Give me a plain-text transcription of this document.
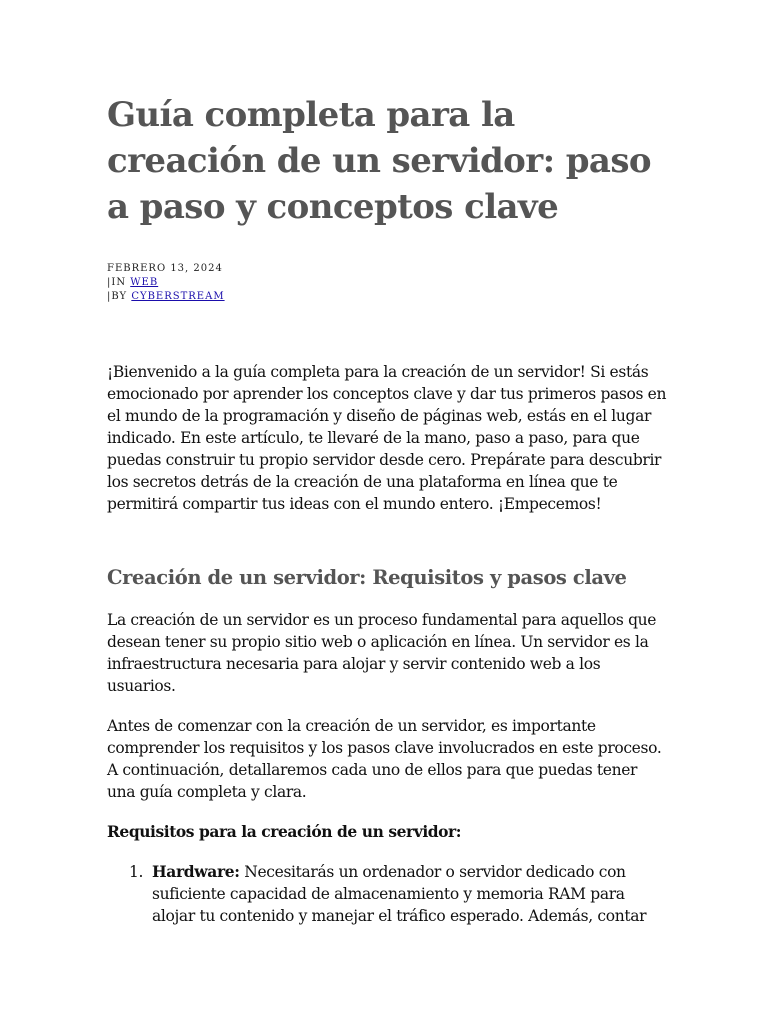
Guía completa para la creación de un servidor: paso a paso y conceptos clave
FEBRERO 13, 2024
|IN WEB
|BY CYBERSTREAM

¡Bienvenido a la guía completa para la creación de un servidor! Si estás emocionado por aprender los conceptos clave y dar tus primeros pasos en el mundo de la programación y diseño de páginas web, estás en el lugar indicado. En este artículo, te llevaré de la mano, paso a paso, para que puedas construir tu propio servidor desde cero. Prepárate para descubrir los secretos detrás de la creación de una plataforma en línea que te permitirá compartir tus ideas con el mundo entero. ¡Empecemos!

Creación de un servidor: Requisitos y pasos clave

La creación de un servidor es un proceso fundamental para aquellos que desean tener su propio sitio web o aplicación en línea. Un servidor es la infraestructura necesaria para alojar y servir contenido web a los usuarios.

Antes de comenzar con la creación de un servidor, es importante comprender los requisitos y los pasos clave involucrados en este proceso. A continuación, detallaremos cada uno de ellos para que puedas tener una guía completa y clara.

Requisitos para la creación de un servidor:

1. Hardware: Necesitarás un ordenador o servidor dedicado con suficiente capacidad de almacenamiento y memoria RAM para alojar tu contenido y manejar el tráfico esperado. Además, contar
